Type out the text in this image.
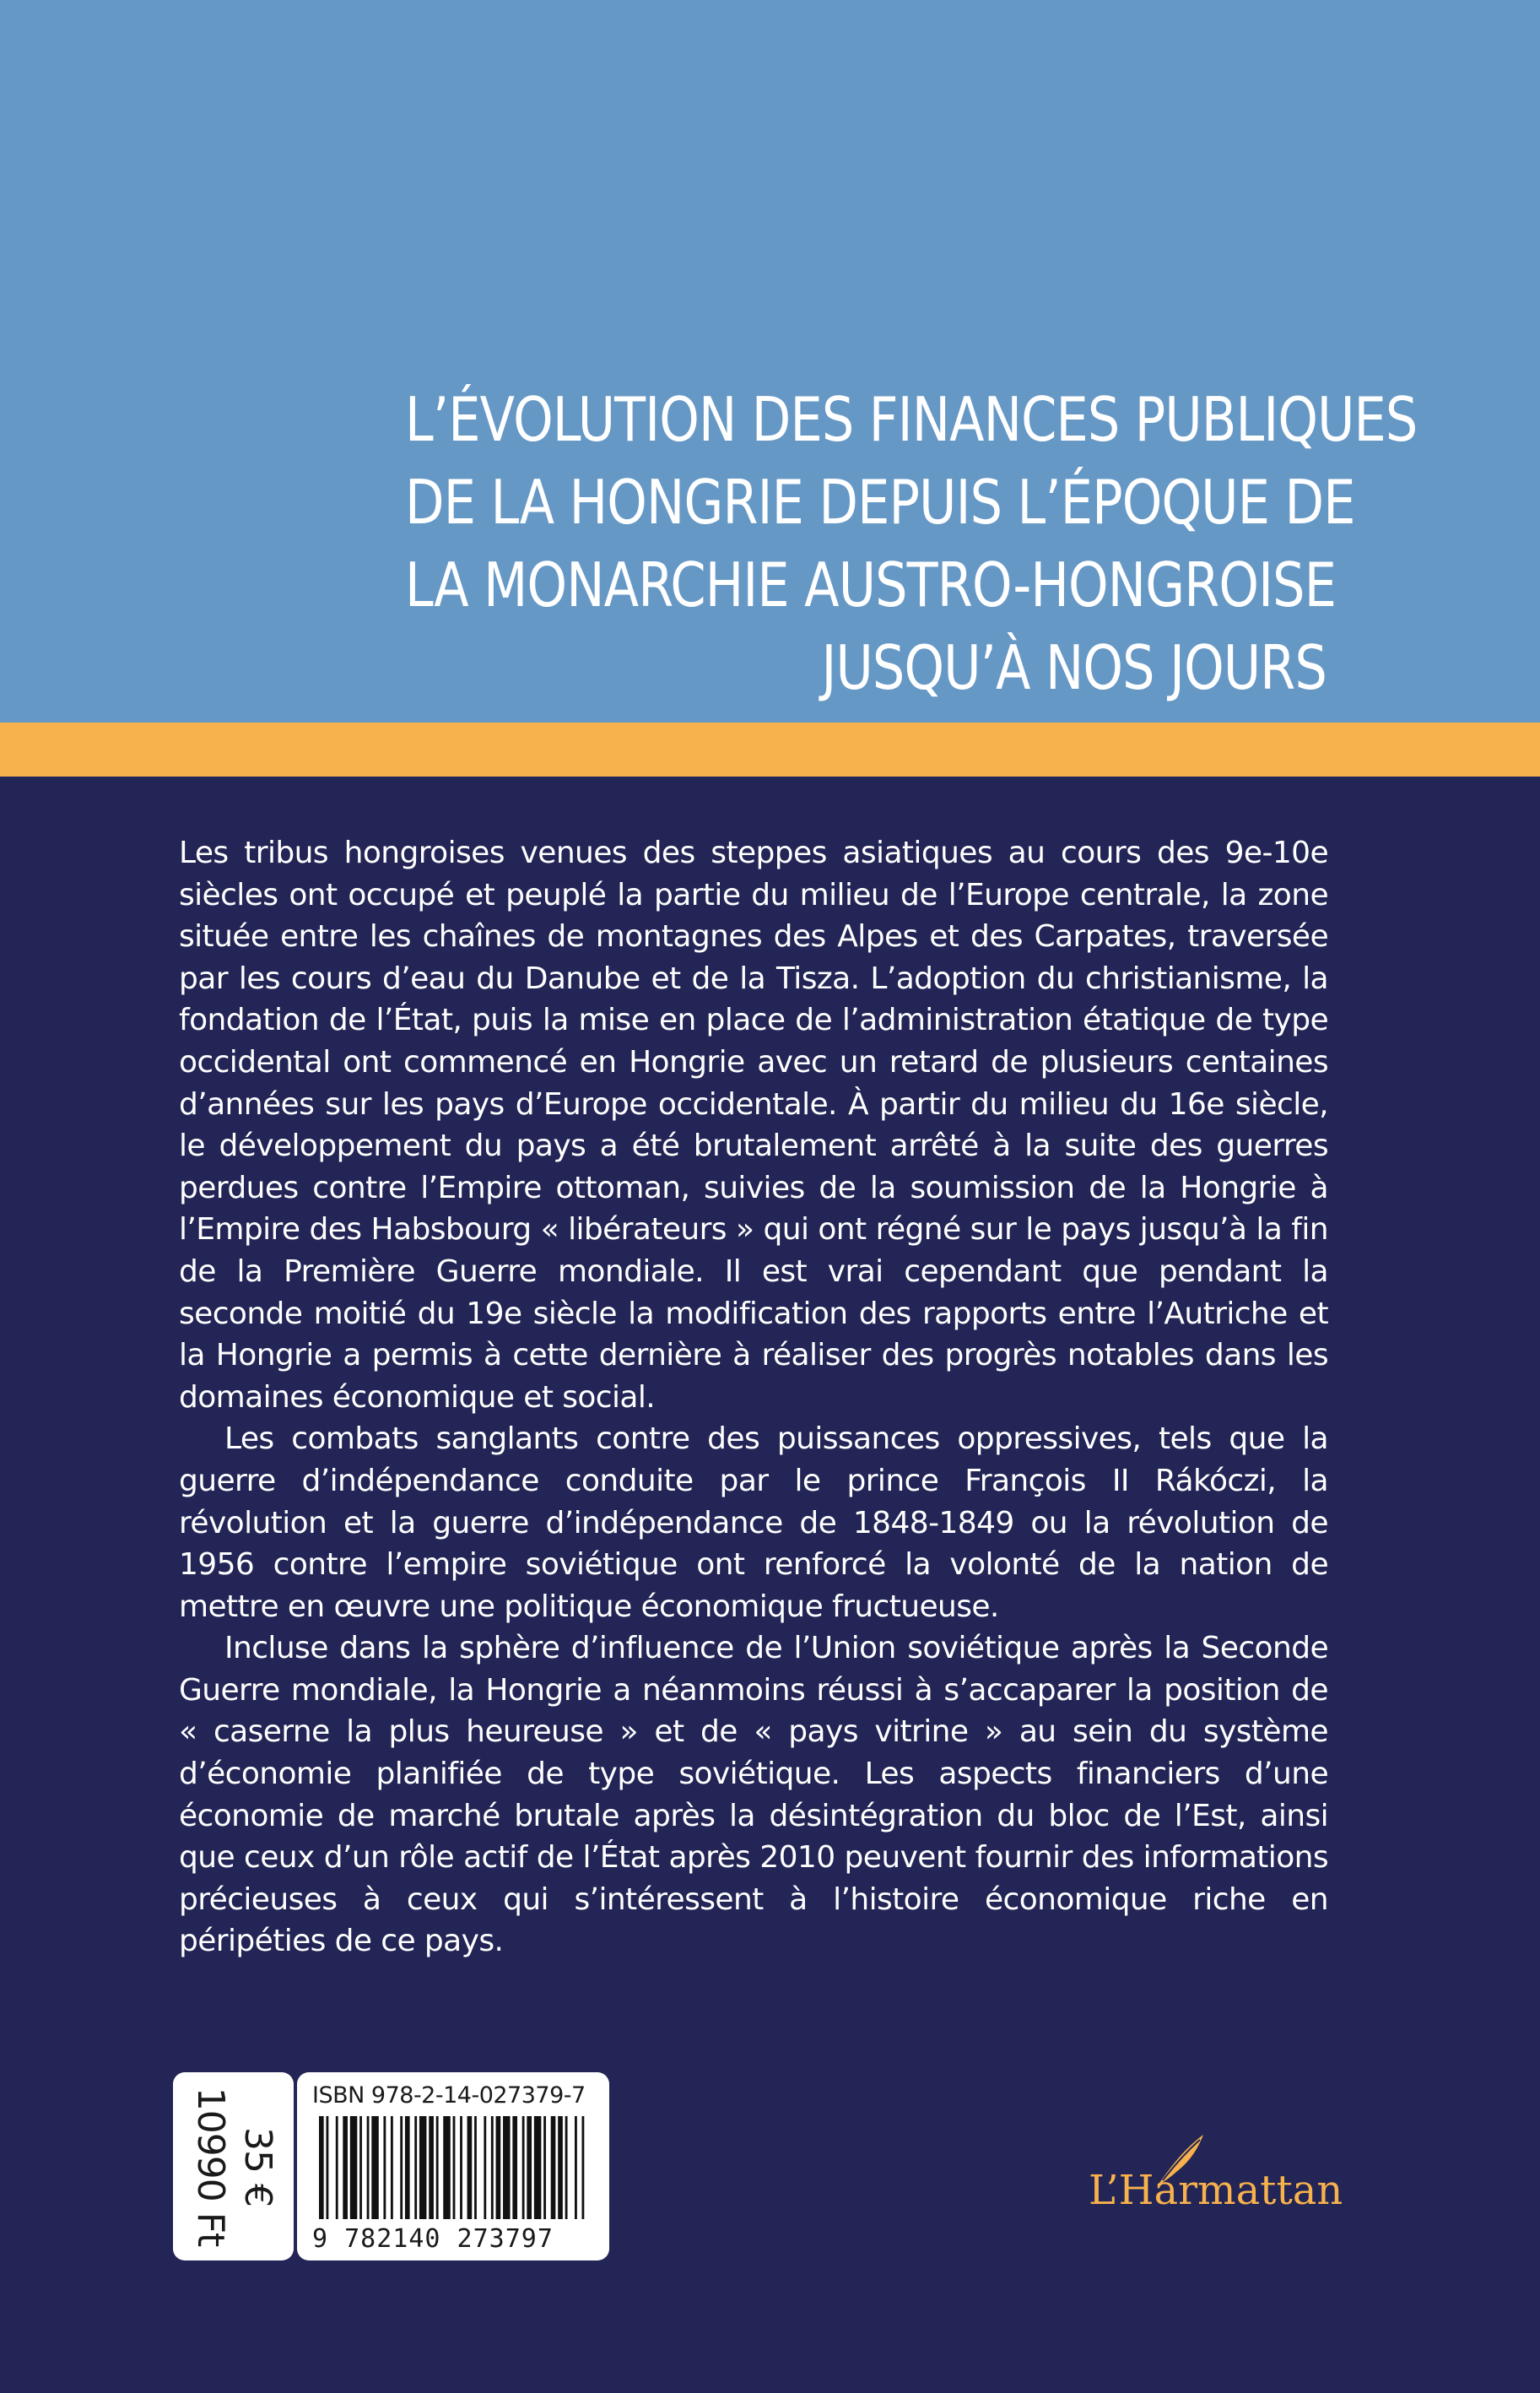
L’ÉVOLUTION DES FINANCES PUBLIQUES
DE LA HONGRIE DEPUIS L’ÉPOQUE DE
LA MONARCHIE AUSTRO-HONGROISE
JUSQU’À NOS JOURS

Les tribus hongroises venues des steppes asiatiques au cours des 9e-10e siècles ont occupé et peuplé la partie du milieu de l’Europe centrale, la zone située entre les chaînes de montagnes des Alpes et des Carpates, traversée par les cours d’eau du Danube et de la Tisza. L’adoption du christianisme, la fondation de l’État, puis la mise en place de l’administration étatique de type occidental ont commencé en Hongrie avec un retard de plusieurs centaines d’années sur les pays d’Europe occidentale. À partir du milieu du 16e siècle, le développement du pays a été brutalement arrêté à la suite des guerres perdues contre l’Empire ottoman, suivies de la soumission de la Hongrie à l’Empire des Habsbourg « libérateurs » qui ont régné sur le pays jusqu’à la fin de la Première Guerre mondiale. Il est vrai cependant que pendant la seconde moitié du 19e siècle la modification des rapports entre l’Autriche et la Hongrie a permis à cette dernière à réaliser des progrès notables dans les domaines économique et social.

Les combats sanglants contre des puissances oppressives, tels que la guerre d’indépendance conduite par le prince François II Rákóczi, la révolution et la guerre d’indépendance de 1848-1849 ou la révolution de 1956 contre l’empire soviétique ont renforcé la volonté de la nation de mettre en œuvre une politique économique fructueuse.

Incluse dans la sphère d’influence de l’Union soviétique après la Seconde Guerre mondiale, la Hongrie a néanmoins réussi à s’accaparer la position de « caserne la plus heureuse » et de « pays vitrine » au sein du système d’économie planifiée de type soviétique. Les aspects financiers d’une économie de marché brutale après la désintégration du bloc de l’Est, ainsi que ceux d’un rôle actif de l’État après 2010 peuvent fournir des informations précieuses à ceux qui s’intéressent à l’histoire économique riche en péripéties de ce pays.

35 €
10990 Ft	ISBN 978-2-14-027379-7
9 782140 273797
L’Harmattan
